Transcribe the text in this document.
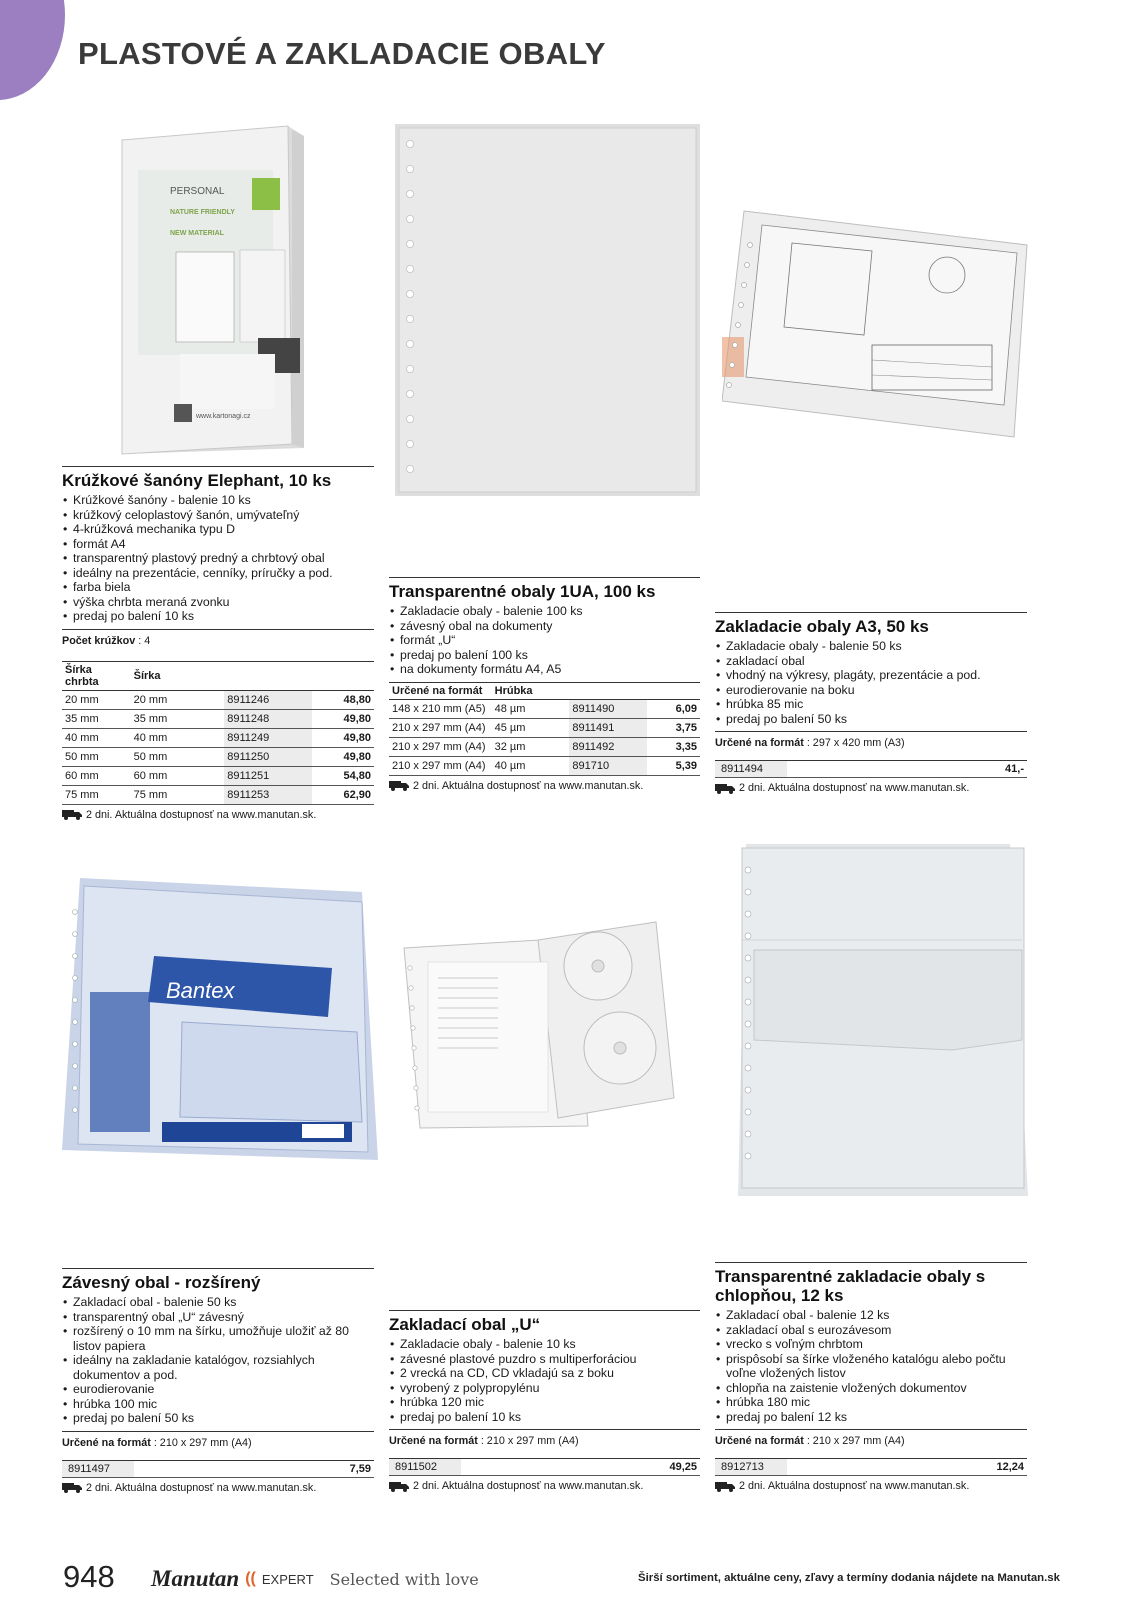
PLASTOVÉ A ZAKLADACIE OBALY
PERSONAL
NATURE FRIENDLY
NEW MATERIAL
www.kartonagi.cz
Bantex
Krúžkové šanóny Elephant, 10 ks
• Krúžkové šanóny - balenie 10 ks
• krúžkový celoplastový šanón, umývateľný
• 4-krúžková mechanika typu D
• formát A4
• transparentný plastový predný a chrbtový obal
• ideálny na prezentácie, cenníky, príručky a pod.
• farba biela
• výška chrbta meraná zvonku
• predaj po balení 10 ks
Počet krúžkov : 4
Šírka chrbta	Šírka		
20 mm	20 mm	8911246	48,80
35 mm	35 mm	8911248	49,80
40 mm	40 mm	8911249	49,80
50 mm	50 mm	8911250	49,80
60 mm	60 mm	8911251	54,80
75 mm	75 mm	8911253	62,90
2 dni. Aktuálna dostupnosť na www.manutan.sk.
Transparentné obaly 1UA, 100 ks
• Zakladacie obaly - balenie 100 ks
• závesný obal na dokumenty
• formát „U“
• predaj po balení 100 ks
• na dokumenty formátu A4, A5
Určené na formát	Hrúbka		
148 x 210 mm (A5)	48 µm	8911490	6,09
210 x 297 mm (A4)	45 µm	8911491	3,75
210 x 297 mm (A4)	32 µm	8911492	3,35
210 x 297 mm (A4)	40 µm	891710	5,39
2 dni. Aktuálna dostupnosť na www.manutan.sk.
Zakladacie obaly A3, 50 ks
• Zakladacie obaly - balenie 50 ks
• zakladací obal
• vhodný na výkresy, plagáty, prezentácie a pod.
• eurodierovanie na boku
• hrúbka 85 mic
• predaj po balení 50 ks
Určené na formát : 297 x 420 mm (A3)
8911494	41,-
2 dni. Aktuálna dostupnosť na www.manutan.sk.
Závesný obal - rozšírený
• Zakladací obal - balenie 50 ks
• transparentný obal „U“ závesný
• rozšírený o 10 mm na šírku, umožňuje uložiť až 80 listov papiera
• ideálny na zakladanie katalógov, rozsiahlych dokumentov a pod.
• eurodierovanie
• hrúbka 100 mic
• predaj po balení 50 ks
Určené na formát : 210 x 297 mm (A4)
8911497	7,59
2 dni. Aktuálna dostupnosť na www.manutan.sk.
Zakladací obal „U“
• Zakladacie obaly - balenie 10 ks
• závesné plastové puzdro s multiperforáciou
• 2 vrecká na CD, CD vkladajú sa z boku
• vyrobený z polypropylénu
• hrúbka 120 mic
• predaj po balení 10 ks
Určené na formát : 210 x 297 mm (A4)
8911502	49,25
2 dni. Aktuálna dostupnosť na www.manutan.sk.
Transparentné zakladacie obaly s chlopňou, 12 ks
• Zakladací obal - balenie 12 ks
• zakladací obal s eurozávesom
• vrecko s voľným chrbtom
• prispôsobí sa šírke vloženého katalógu alebo počtu voľne vložených listov
• chlopňa na zaistenie vložených dokumentov
• hrúbka 180 mic
• predaj po balení 12 ks
Určené na formát : 210 x 297 mm (A4)
8912713	12,24
2 dni. Aktuálna dostupnosť na www.manutan.sk.
948 Manutan (( EXPERT Selected with love	Širší sortiment, aktuálne ceny, zľavy a termíny dodania nájdete na Manutan.sk
